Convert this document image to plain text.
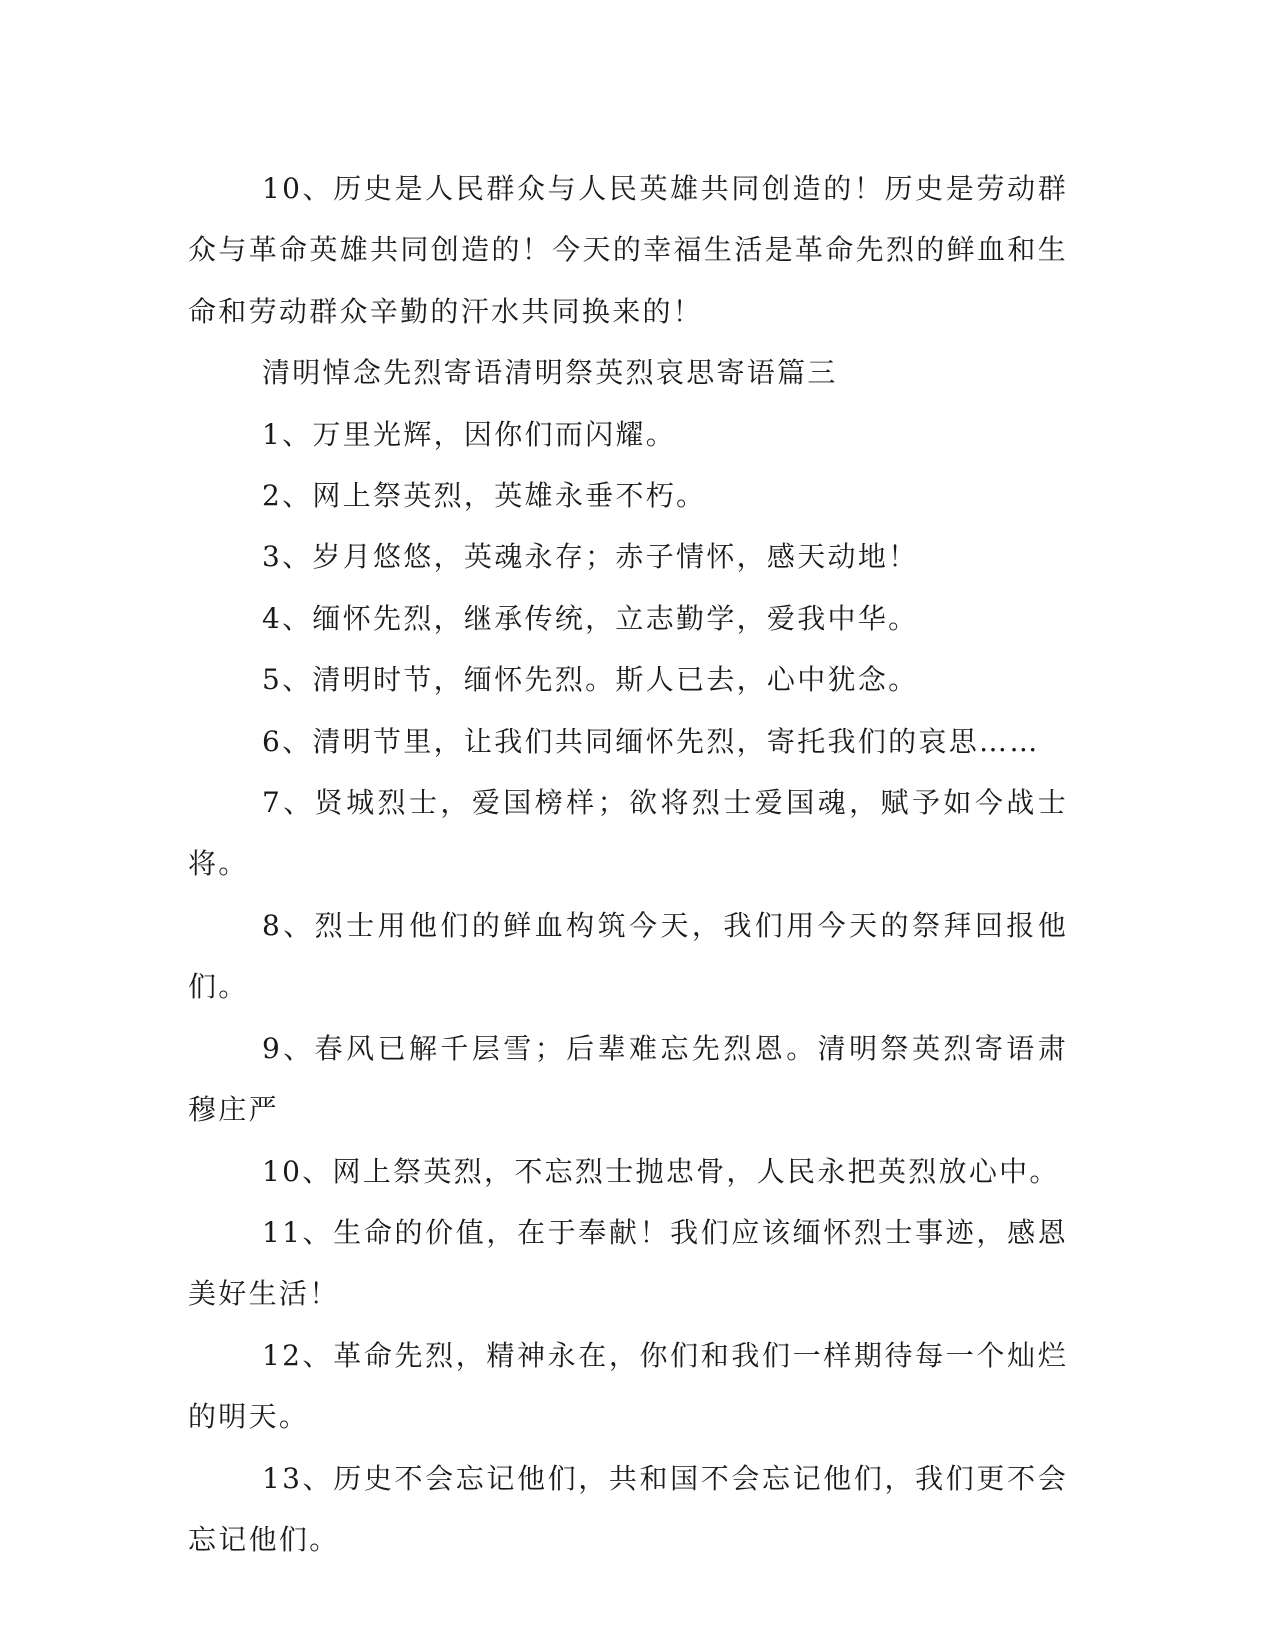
10、历史是人民群众与人民英雄共同创造的！历史是劳动群众与革命英雄共同创造的！今天的幸福生活是革命先烈的鲜血和生命和劳动群众辛勤的汗水共同换来的！

清明悼念先烈寄语清明祭英烈哀思寄语篇三

1、万里光辉，因你们而闪耀。

2、网上祭英烈，英雄永垂不朽。

3、岁月悠悠，英魂永存；赤子情怀，感天动地！

4、缅怀先烈，继承传统，立志勤学，爱我中华。

5、清明时节，缅怀先烈。斯人已去，心中犹念。

6、清明节里，让我们共同缅怀先烈，寄托我们的哀思……

7、贤城烈士，爱国榜样；欲将烈士爱国魂，赋予如今战士将。

8、烈士用他们的鲜血构筑今天，我们用今天的祭拜回报他们。

9、春风已解千层雪；后辈难忘先烈恩。清明祭英烈寄语肃穆庄严

10、网上祭英烈，不忘烈士抛忠骨，人民永把英烈放心中。

11、生命的价值，在于奉献！我们应该缅怀烈士事迹，感恩美好生活！

12、革命先烈，精神永在，你们和我们一样期待每一个灿烂的明天。

13、历史不会忘记他们，共和国不会忘记他们，我们更不会忘记他们。
